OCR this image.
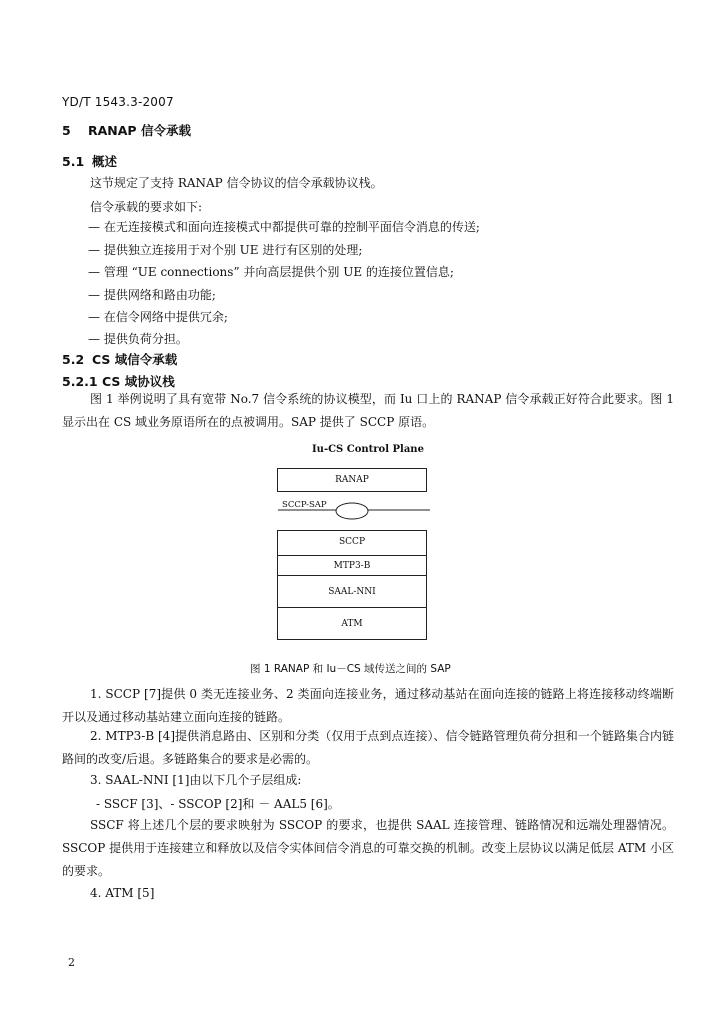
YD/T 1543.3-2007
5 RANAP 信令承载
5.1 概述
这节规定了支持 RANAP 信令协议的信令承载协议栈。
信令承载的要求如下:
— 在无连接模式和面向连接模式中都提供可靠的控制平面信令消息的传送;
— 提供独立连接用于对个别 UE 进行有区别的处理;
— 管理 “UE connections” 并向高层提供个别 UE 的连接位置信息;
— 提供网络和路由功能;
— 在信令网络中提供冗余;
— 提供负荷分担。
5.2 CS 域信令承载
5.2.1 CS 域协议栈
图 1 举例说明了具有宽带 No.7 信令系统的协议模型，而 Iu 口上的 RANAP 信令承载正好符合此要求。图 1 显示出在 CS 域业务原语所在的点被调用。SAP 提供了 SCCP 原语。
Iu-CS Control Plane
RANAP
SCCP-SAP
SCCP
MTP3-B
SAAL-NNI
ATM
图 1 RANAP 和 Iu－CS 域传送之间的 SAP
1. SCCP [7]提供 0 类无连接业务、2 类面向连接业务，通过移动基站在面向连接的链路上将连接移动终端断开以及通过移动基站建立面向连接的链路。
2. MTP3-B [4]提供消息路由、区别和分类（仅用于点到点连接）、信令链路管理负荷分担和一个链路集合内链路间的改变/后退。多链路集合的要求是必需的。
3. SAAL-NNI [1]由以下几个子层组成:
- SSCF [3]、- SSCOP [2]和 － AAL5 [6]。
SSCF 将上述几个层的要求映射为 SSCOP 的要求，也提供 SAAL 连接管理、链路情况和远端处理器情况。SSCOP 提供用于连接建立和释放以及信令实体间信令消息的可靠交换的机制。改变上层协议以满足低层 ATM 小区的要求。
4. ATM [5]
2
